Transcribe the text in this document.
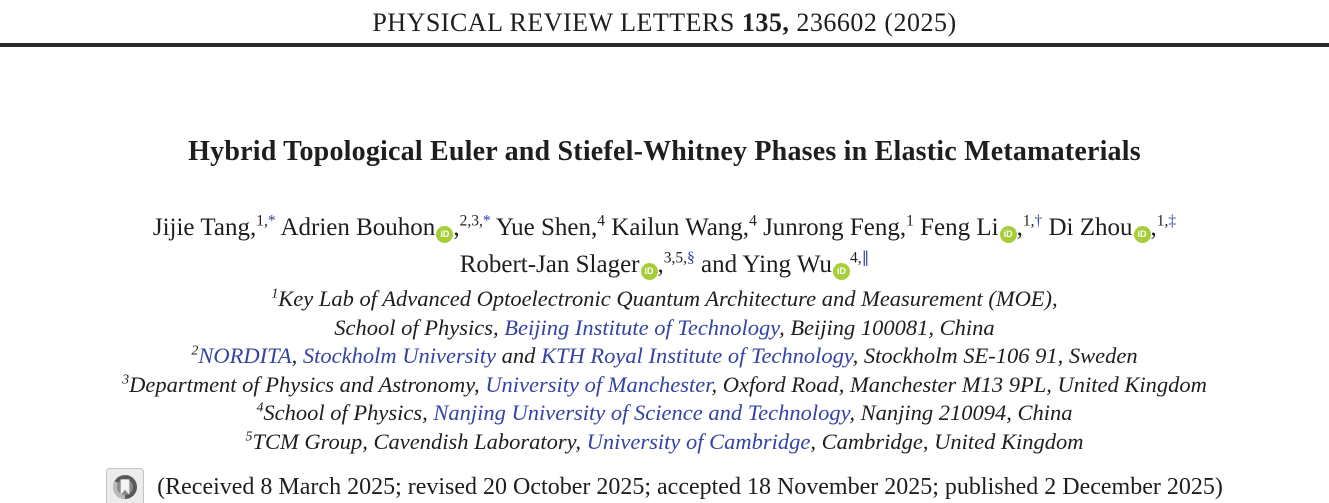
PHYSICAL REVIEW LETTERS 135, 236602 (2025)
Hybrid Topological Euler and Stiefel-Whitney Phases in Elastic Metamaterials
Jijie Tang,$^{1,*}$ Adrien Bouhon iD ,$^{2,3,*}$ Yue Shen,$^4$ Kailun Wang,$^4$ Junrong Feng,$^1$ Feng Li iD ,$^{1,\dagger}$ Di Zhou iD ,$^{1,\ddagger}$
Robert-Jan Slager iD ,$^{3,5,\S}$ and Ying Wu $iD^{4,\parallel}$
$^1$Key Lab of Advanced Optoelectronic Quantum Architecture and Measurement (MOE),
School of Physics, Beijing Institute of Technology, Beijing 100081, China
$^2$NORDITA, Stockholm University and KTH Royal Institute of Technology, Stockholm SE-106 91, Sweden
$^3$Department of Physics and Astronomy, University of Manchester, Oxford Road, Manchester M13 9PL, United Kingdom
$^4$School of Physics, Nanjing University of Science and Technology, Nanjing 210094, China
$^5$TCM Group, Cavendish Laboratory, University of Cambridge, Cambridge, United Kingdom
(Received 8 March 2025; revised 20 October 2025; accepted 18 November 2025; published 2 December 2025)
